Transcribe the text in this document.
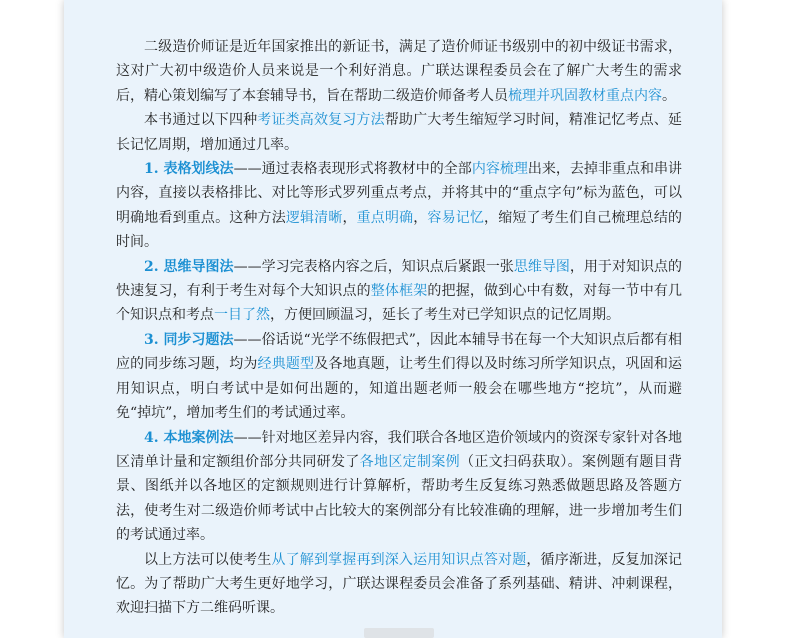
二级造价师证是近年国家推出的新证书，满足了造价师证书级别中的初中级证书需求，这对广大初中级造价人员来说是一个利好消息。广联达课程委员会在了解广大考生的需求后，精心策划编写了本套辅导书，旨在帮助二级造价师备考人员梳理并巩固教材重点内容。

本书通过以下四种考证类高效复习方法帮助广大考生缩短学习时间，精准记忆考点、延长记忆周期，增加通过几率。

1. 表格划线法——通过表格表现形式将教材中的全部内容梳理出来，去掉非重点和串讲内容，直接以表格排比、对比等形式罗列重点考点，并将其中的“重点字句”标为蓝色，可以明确地看到重点。这种方法逻辑清晰，重点明确，容易记忆，缩短了考生们自己梳理总结的时间。

2. 思维导图法——学习完表格内容之后，知识点后紧跟一张思维导图，用于对知识点的快速复习，有利于考生对每个大知识点的整体框架的把握，做到心中有数，对每一节中有几个知识点和考点一目了然，方便回顾温习，延长了考生对已学知识点的记忆周期。

3. 同步习题法——俗话说“光学不练假把式”，因此本辅导书在每一个大知识点后都有相应的同步练习题，均为经典题型及各地真题，让考生们得以及时练习所学知识点，巩固和运用知识点，明白考试中是如何出题的，知道出题老师一般会在哪些地方“挖坑”，从而避免“掉坑”，增加考生们的考试通过率。

4. 本地案例法——针对地区差异内容，我们联合各地区造价领域内的资深专家针对各地区清单计量和定额组价部分共同研发了各地区定制案例（正文扫码获取）。案例题有题目背景、图纸并以各地区的定额规则进行计算解析，帮助考生反复练习熟悉做题思路及答题方法，使考生对二级造价师考试中占比较大的案例部分有比较准确的理解，进一步增加考生们的考试通过率。

以上方法可以使考生从了解到掌握再到深入运用知识点答对题，循序渐进，反复加深记忆。为了帮助广大考生更好地学习，广联达课程委员会准备了系列基础、精讲、冲刺课程，欢迎扫描下方二维码听课。
